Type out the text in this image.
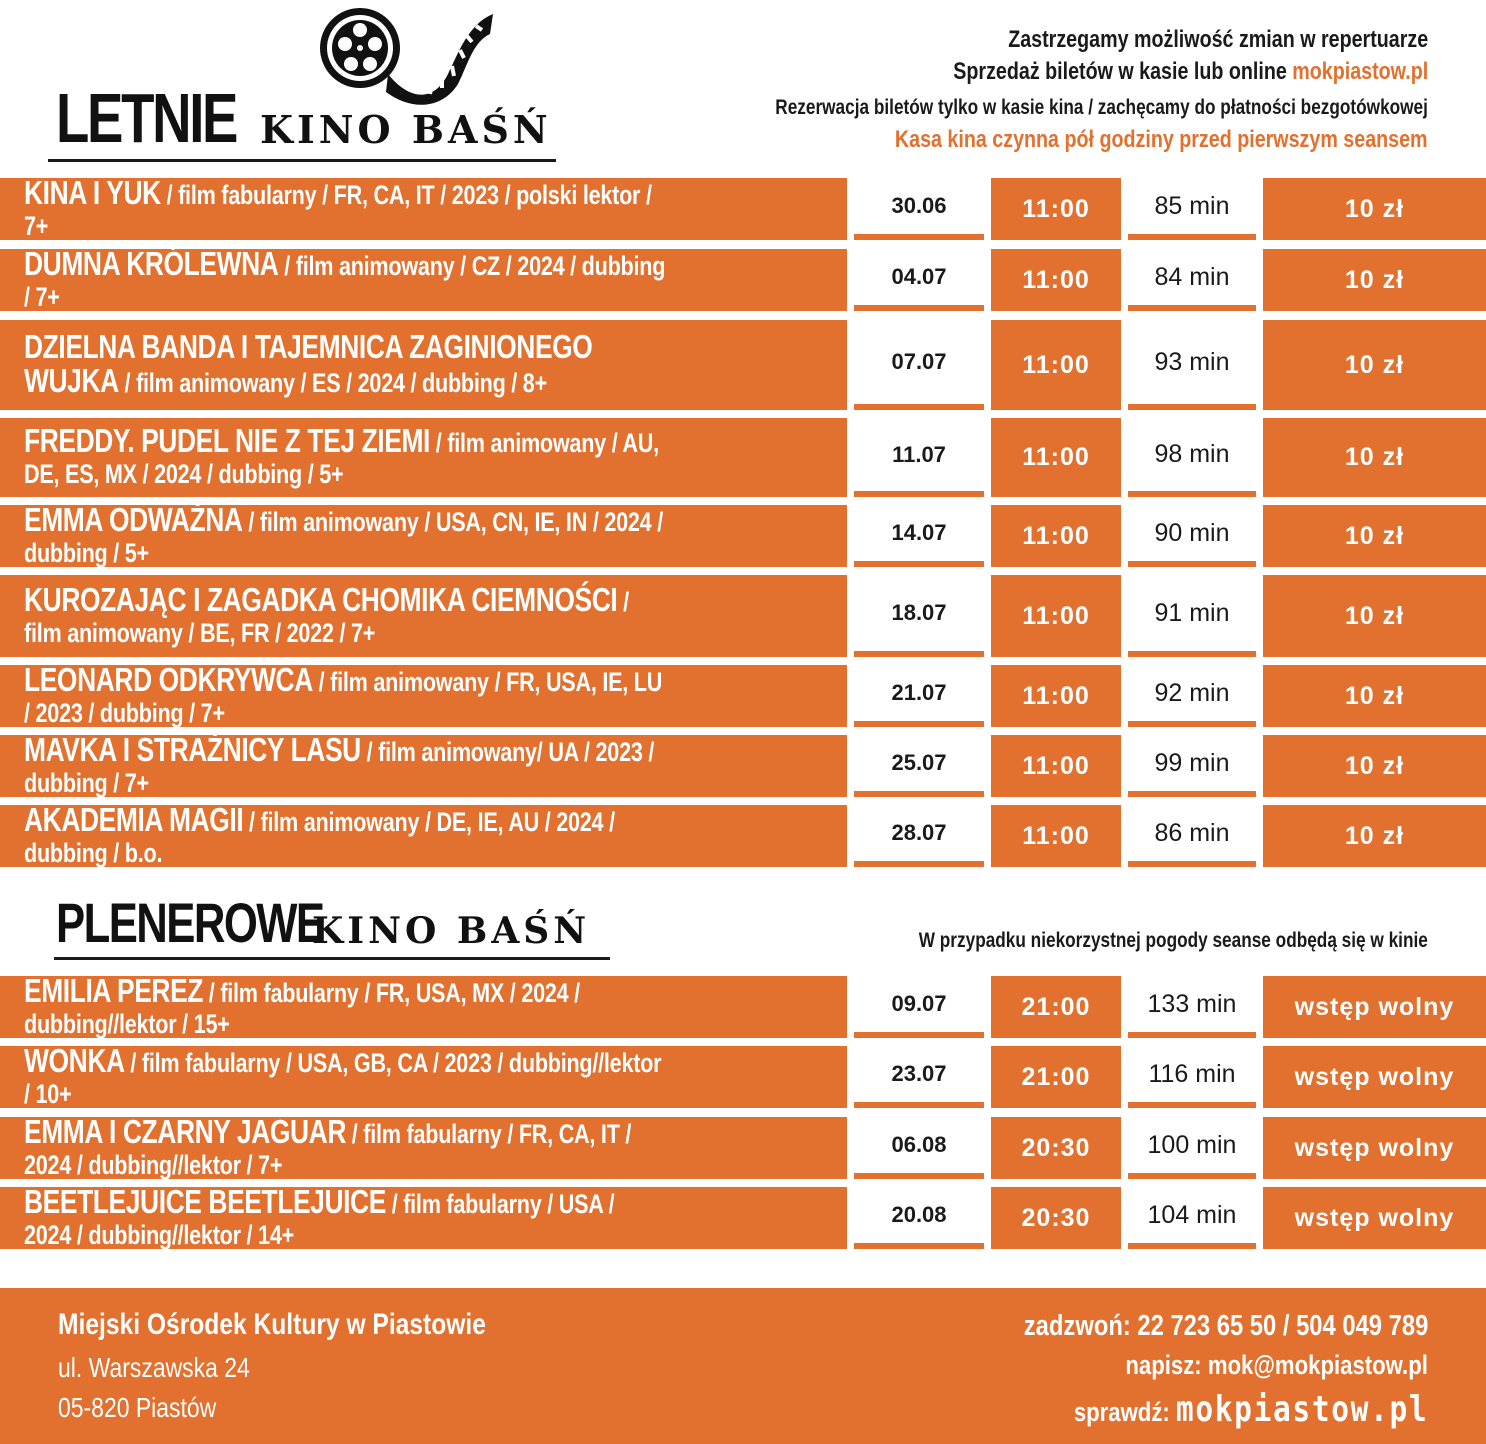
LETNIE KINO BAŚŃ
Zastrzegamy możliwość zmian w repertuarze
Sprzedaż biletów w kasie lub online mokpiastow.pl
Rezerwacja biletów tylko w kasie kina / zachęcamy do płatności bezgotówkowej
Kasa kina czynna pół godziny przed pierwszym seansem
KINA I YUK / film fabularny / FR, CA, IT / 2023 / polski lektor / 7+
30.06	11:00	85 min	10 zł
DUMNA KRÓLEWNA / film animowany / CZ / 2024 / dubbing / 7+
04.07	11:00	84 min	10 zł
DZIELNA BANDA I TAJEMNICA ZAGINIONEGO WUJKA / film animowany / ES / 2024 / dubbing / 8+
07.07	11:00	93 min	10 zł
FREDDY. PUDEL NIE Z TEJ ZIEMI / film animowany / AU, DE, ES, MX / 2024 / dubbing / 5+
11.07	11:00	98 min	10 zł
EMMA ODWAŻNA / film animowany / USA, CN, IE, IN / 2024 / dubbing / 5+
14.07	11:00	90 min	10 zł
KUROZAJĄC I ZAGADKA CHOMIKA CIEMNOŚCI / film animowany / BE, FR / 2022 / 7+
18.07	11:00	91 min	10 zł
LEONARD ODKRYWCA / film animowany / FR, USA, IE, LU / 2023 / dubbing / 7+
21.07	11:00	92 min	10 zł
MAVKA I STRAŻNICY LASU / film animowany/ UA / 2023 / dubbing / 7+
25.07	11:00	99 min	10 zł
AKADEMIA MAGII / film animowany / DE, IE, AU / 2024 / dubbing / b.o.
28.07	11:00	86 min	10 zł
PLENEROWE
KINO BAŚŃ	W przypadku niekorzystnej pogody seanse odbędą się w kinie
EMILIA PEREZ / film fabularny / FR, USA, MX / 2024 / dubbing//lektor / 15+
09.07	21:00	133 min	wstęp wolny
WONKA / film fabularny / USA, GB, CA / 2023 / dubbing//lektor / 10+
23.07	21:00	116 min	wstęp wolny
EMMA I CZARNY JAGUAR / film fabularny / FR, CA, IT / 2024 / dubbing//lektor / 7+
06.08	20:30	100 min	wstęp wolny
BEETLEJUICE BEETLEJUICE / film fabularny / USA / 2024 / dubbing//lektor / 14+
20.08	20:30	104 min	wstęp wolny
Miejski Ośrodek Kultury w Piastowie
ul. Warszawska 24
05-820 Piastów
zadzwoń: 22 723 65 50 / 504 049 789
napisz: mok@mokpiastow.pl
sprawdź: mokpiastow.pl
